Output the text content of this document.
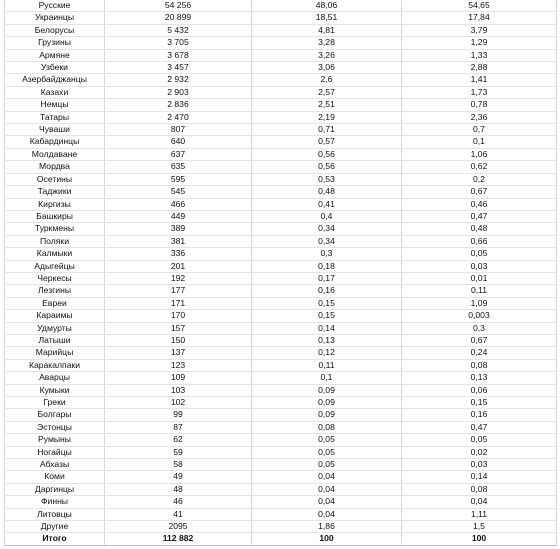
Русские	54 256	48,06	54,65
Украинцы	20 899	18,51	17,84
Белорусы	5 432	4,81	3,79
Грузины	3 705	3,28	1,29
Армяне	3 678	3,26	1,33
Узбеки	3 457	3,06	2,88
Азербайджанцы	2 932	2,6	1,41
Казахи	2 903	2,57	1,73
Немцы	2 836	2,51	0,78
Татары	2 470	2,19	2,36
Чуваши	807	0,71	0,7
Кабардинцы	640	0,57	0,1
Молдаване	637	0,56	1,06
Мордва	635	0,56	0,62
Осетины	595	0,53	0,2
Таджики	545	0,48	0,67
Киргизы	466	0,41	0,46
Башкиры	449	0,4	0,47
Туркмены	389	0,34	0,48
Поляки	381	0,34	0,66
Калмыки	336	0,3	0,05
Адыгейцы	201	0,18	0,03
Черкесы	192	0,17	0,01
Лезгины	177	0,16	0,11
Евреи	171	0,15	1,09
Караимы	170	0,15	0,003
Удмурты	157	0,14	0,3
Латыши	150	0,13	0,67
Марийцы	137	0,12	0,24
Каракалпаки	123	0,11	0,08
Аварцы	109	0,1	0,13
Кумыки	103	0,09	0,06
Греки	102	0,09	0,15
Болгары	99	0,09	0,16
Эстонцы	87	0,08	0,47
Румыны	62	0,05	0,05
Ногайцы	59	0,05	0,02
Абхазы	58	0,05	0,03
Коми	49	0,04	0,14
Даргинцы	48	0,04	0,08
Финны	46	0,04	0,04
Литовцы	41	0,04	1,11
Другие	2095	1,86	1,5
Итого	112 882	100	100
